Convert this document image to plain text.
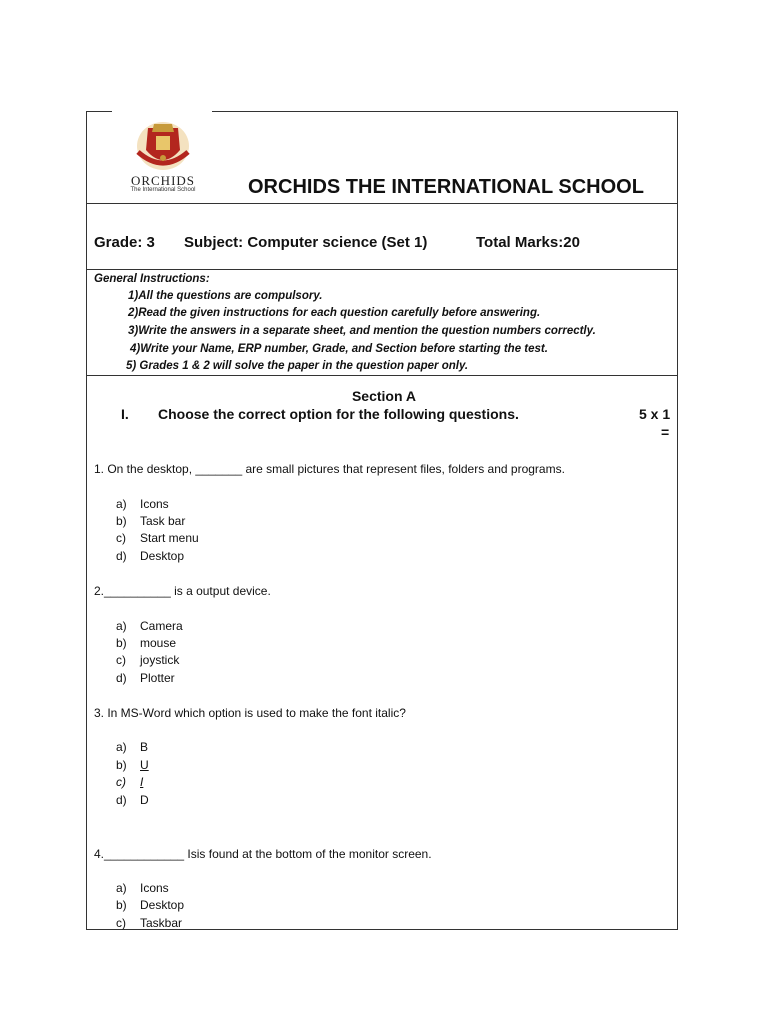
ORCHIDS
The International School	ORCHIDS THE INTERNATIONAL SCHOOL
Grade: 3 Subject: Computer science (Set 1)	Total Marks:20
General Instructions:
1)All the questions are compulsory.
2)Read the given instructions for each question carefully before answering.
3)Write the answers in a separate sheet, and mention the question numbers correctly.
4)Write your Name, ERP number, Grade, and Section before starting the test.
5) Grades 1 & 2 will solve the paper in the question paper only.
Section A
I. Choose the correct option for the following questions.	5 x 1
=
1. On the desktop, _______ are small pictures that represent files, folders and programs.
a) Icons
b) Task bar
c) Start menu
d) Desktop
2.__________ is a output device.
a) Camera
b) mouse
c) joystick
d) Plotter
3. In MS-Word which option is used to make the font italic?
a) B
b) U
c) I
d) D
4.____________ Isis found at the bottom of the monitor screen.
a) Icons
b) Desktop
c) Taskbar
